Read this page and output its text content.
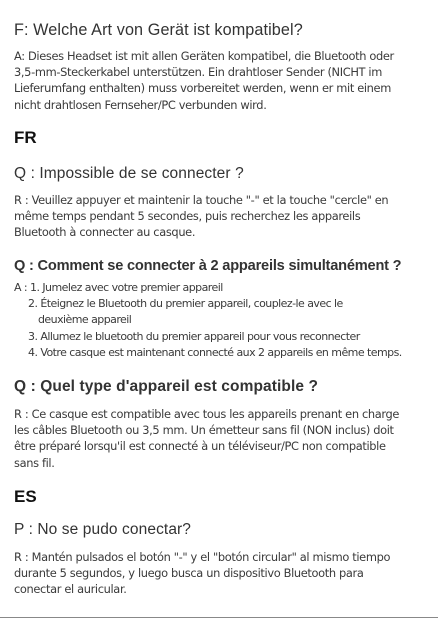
F: Welche Art von Gerät ist kompatibel?
A: Dieses Headset ist mit allen Geräten kompatibel, die Bluetooth oder
3,5-mm-Steckerkabel unterstützen. Ein drahtloser Sender (NICHT im
Lieferumfang enthalten) muss vorbereitet werden, wenn er mit einem
nicht drahtlosen Fernseher/PC verbunden wird.
FR
Q : Impossible de se connecter ?
R : Veuillez appuyer et maintenir la touche "-" et la touche "cercle" en
même temps pendant 5 secondes, puis recherchez les appareils
Bluetooth à connecter au casque.
Q : Comment se connecter à 2 appareils simultanément ?
A : 1. Jumelez avec votre premier appareil
2. Éteignez le Bluetooth du premier appareil, couplez-le avec le
deuxième appareil
3. Allumez le bluetooth du premier appareil pour vous reconnecter
4. Votre casque est maintenant connecté aux 2 appareils en même temps.
Q : Quel type d'appareil est compatible ?
R : Ce casque est compatible avec tous les appareils prenant en charge
les câbles Bluetooth ou 3,5 mm. Un émetteur sans fil (NON inclus) doit
être préparé lorsqu'il est connecté à un téléviseur/PC non compatible
sans fil.
ES
P : No se pudo conectar?
R : Mantén pulsados el botón "-" y el "botón circular" al mismo tiempo
durante 5 segundos, y luego busca un dispositivo Bluetooth para
conectar el auricular.
